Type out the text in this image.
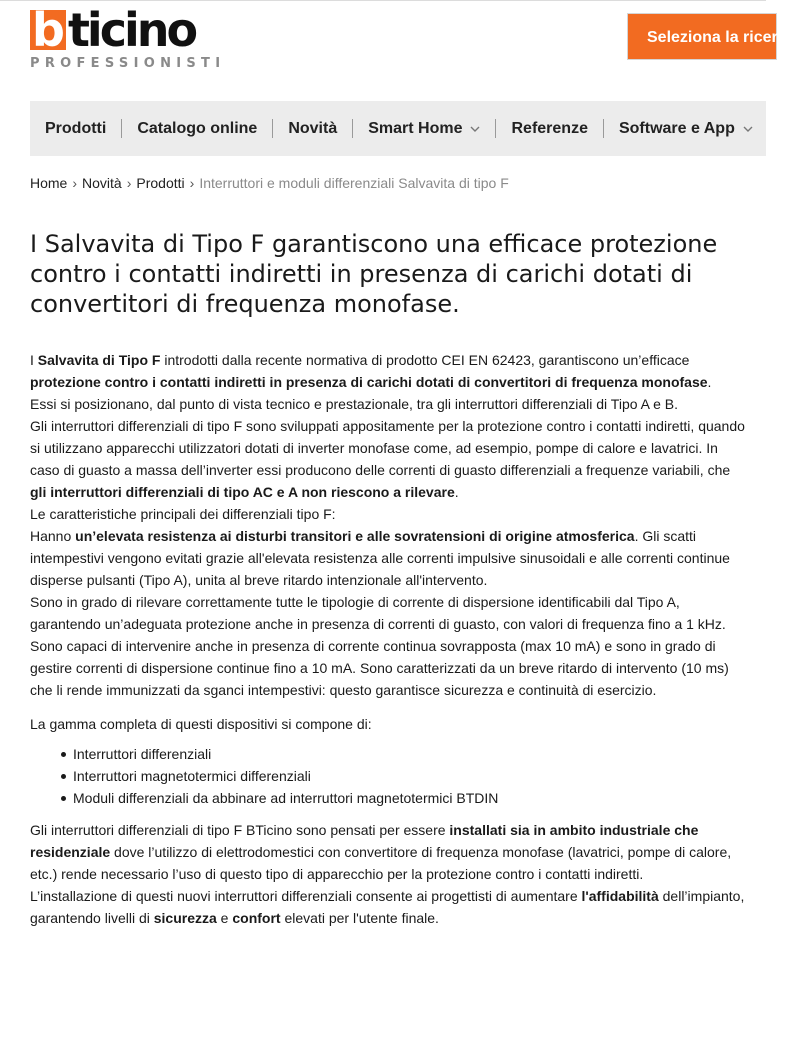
b ticino
PROFESSIONISTI
Seleziona la ricerca
Prodotti Catalogo online Novità Smart Home	Referenze Software e App
Home › Novità › Prodotti › Interruttori e moduli differenziali Salvavita di tipo F
I Salvavita di Tipo F garantiscono una efficace protezione contro i contatti indiretti in presenza di carichi dotati di convertitori di frequenza monofase.

I Salvavita di Tipo F introdotti dalla recente normativa di prodotto CEI EN 62423, garantiscono un’efficace protezione contro i contatti indiretti in presenza di carichi dotati di convertitori di frequenza monofase.

Essi si posizionano, dal punto di vista tecnico e prestazionale, tra gli interruttori differenziali di Tipo A e B.

Gli interruttori differenziali di tipo F sono sviluppati appositamente per la protezione contro i contatti indiretti, quando si utilizzano apparecchi utilizzatori dotati di inverter monofase come, ad esempio, pompe di calore e lavatrici. In caso di guasto a massa dell’inverter essi producono delle correnti di guasto differenziali a frequenze variabili, che gli interruttori differenziali di tipo AC e A non riescono a rilevare.

Le caratteristiche principali dei differenziali tipo F:

Hanno un’elevata resistenza ai disturbi transitori e alle sovratensioni di origine atmosferica. Gli scatti intempestivi vengono evitati grazie all'elevata resistenza alle correnti impulsive sinusoidali e alle correnti continue disperse pulsanti (Tipo A), unita al breve ritardo intenzionale all'intervento.

Sono in grado di rilevare correttamente tutte le tipologie di corrente di dispersione identificabili dal Tipo A, garantendo un’adeguata protezione anche in presenza di correnti di guasto, con valori di frequenza fino a 1 kHz.

Sono capaci di intervenire anche in presenza di corrente continua sovrapposta (max 10 mA) e sono in grado di gestire correnti di dispersione continue fino a 10 mA. Sono caratterizzati da un breve ritardo di intervento (10 ms) che li rende immunizzati da sganci intempestivi: questo garantisce sicurezza e continuità di esercizio.

La gamma completa di questi dispositivi si compone di:

Interruttori differenziali
Interruttori magnetotermici differenziali
Moduli differenziali da abbinare ad interruttori magnetotermici BTDIN

Gli interruttori differenziali di tipo F BTicino sono pensati per essere installati sia in ambito industriale che residenziale dove l’utilizzo di elettrodomestici con convertitore di frequenza monofase (lavatrici, pompe di calore, etc.) rende necessario l’uso di questo tipo di apparecchio per la protezione contro i contatti indiretti.

L’installazione di questi nuovi interruttori differenziali consente ai progettisti di aumentare l'affidabilità dell’impianto, garantendo livelli di sicurezza e confort elevati per l'utente finale.
